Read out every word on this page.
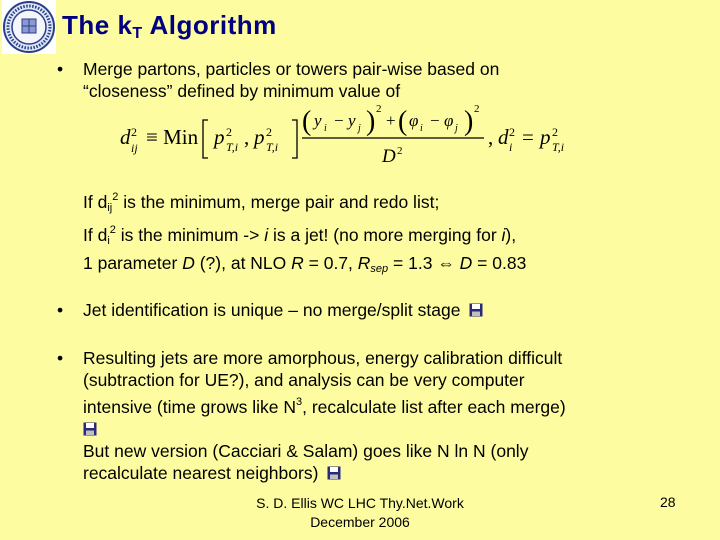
The $k_T$ Algorithm
• Merge partons, particles or towers pair-wise based on
“closeness” defined by minimum value of
d 2
ij ≡ Min p 2
T,i , p 2
T,i
( y i − y j ) 2
+ ( φ i − φ j ) 2
D 2
, d 2
i = p 2
T,i
If $d_{ij}^2$ is the minimum, merge pair and redo list;
If $d_i^2$ is the minimum -> i is a jet! (no more merging for i),
1 parameter D (?), at NLO R = 0.7, $R_{sep} = 1.3$ ⇔ D = 0.83
• Jet identification is unique – no merge/split stage
• Resulting jets are more amorphous, energy calibration difficult
(subtraction for UE?), and analysis can be very computer
intensive (time grows like $N^3$, recalculate list after each merge)
But new version (Cacciari & Salam) goes like N ln N (only
recalculate nearest neighbors)
S. D. Ellis WC LHC Thy.Net.Work
December 2006
28
